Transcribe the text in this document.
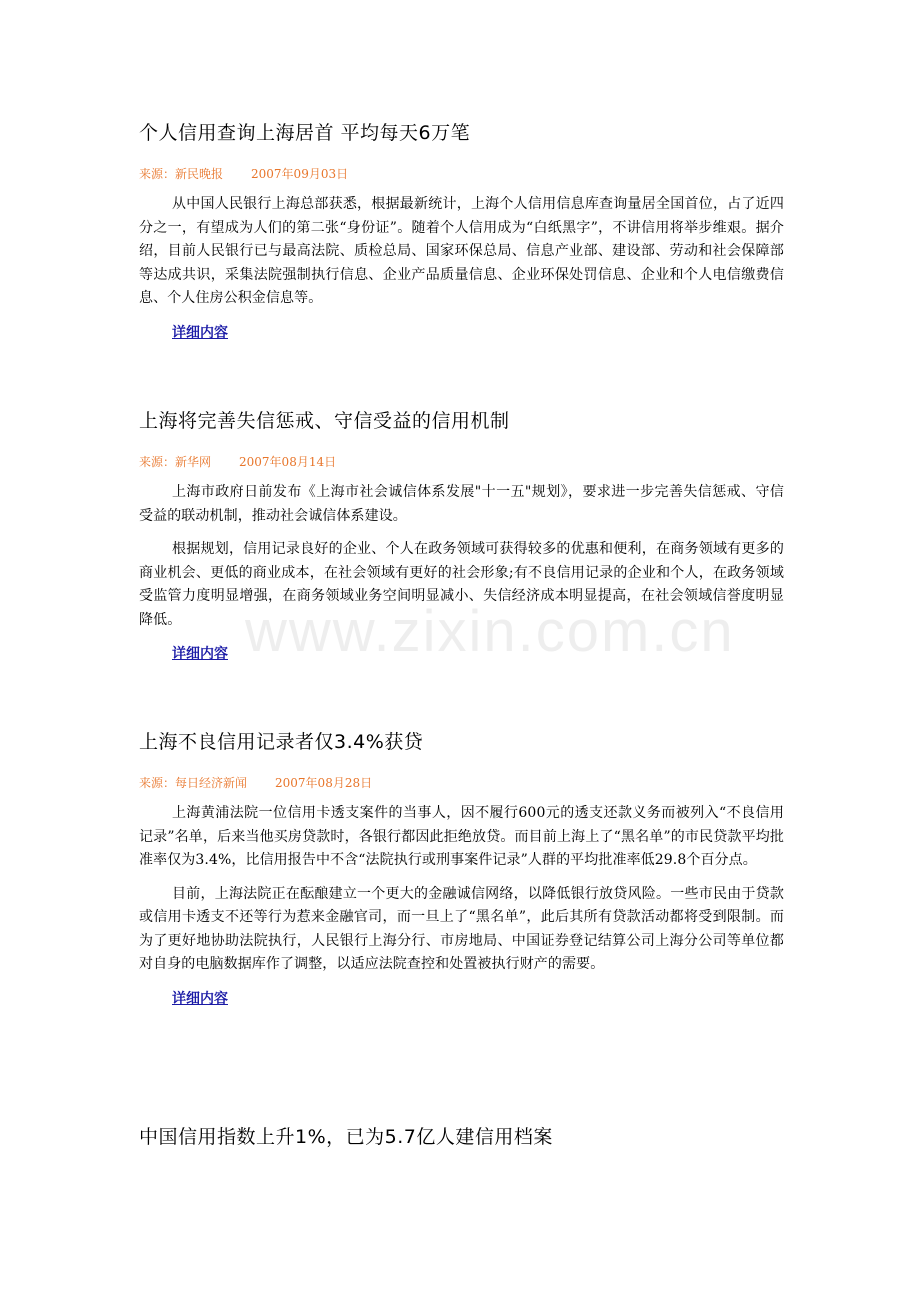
www.zixin.com.cn
个人信用查询上海居首 平均每天6万笔
来源：新民晚报 2007年09月03日

从中国人民银行上海总部获悉，根据最新统计，上海个人信用信息库查询量居全国首位，占了近四分之一，有望成为人们的第二张“身份证”。随着个人信用成为“白纸黑字”，不讲信用将举步维艰。据介绍，目前人民银行已与最高法院、质检总局、国家环保总局、信息产业部、建设部、劳动和社会保障部等达成共识，采集法院强制执行信息、企业产品质量信息、企业环保处罚信息、企业和个人电信缴费信息、个人住房公积金信息等。

详细内容
上海将完善失信惩戒、守信受益的信用机制
来源：新华网 2007年08月14日

上海市政府日前发布《上海市社会诚信体系发展"十一五"规划》，要求进一步完善失信惩戒、守信受益的联动机制，推动社会诚信体系建设。

根据规划，信用记录良好的企业、个人在政务领域可获得较多的优惠和便利，在商务领域有更多的商业机会、更低的商业成本，在社会领域有更好的社会形象;有不良信用记录的企业和个人，在政务领域受监管力度明显增强，在商务领域业务空间明显减小、失信经济成本明显提高，在社会领域信誉度明显降低。

详细内容
上海不良信用记录者仅3.4%获贷
来源：每日经济新闻 2007年08月28日

上海黄浦法院一位信用卡透支案件的当事人，因不履行600元的透支还款义务而被列入“不良信用记录”名单，后来当他买房贷款时，各银行都因此拒绝放贷。而目前上海上了“黑名单”的市民贷款平均批准率仅为3.4%，比信用报告中不含“法院执行或刑事案件记录”人群的平均批准率低29.8个百分点。

目前，上海法院正在酝酿建立一个更大的金融诚信网络，以降低银行放贷风险。一些市民由于贷款或信用卡透支不还等行为惹来金融官司，而一旦上了“黑名单”，此后其所有贷款活动都将受到限制。而为了更好地协助法院执行，人民银行上海分行、市房地局、中国证券登记结算公司上海分公司等单位都对自身的电脑数据库作了调整，以适应法院查控和处置被执行财产的需要。

详细内容
中国信用指数上升1%，已为5.7亿人建信用档案
